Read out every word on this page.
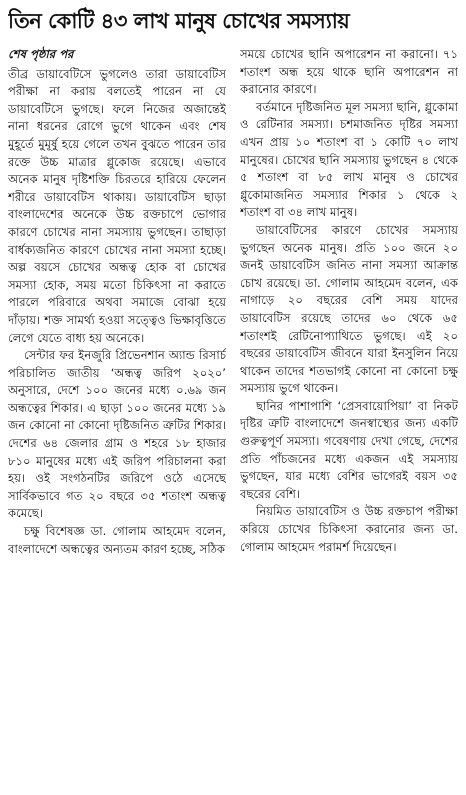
তিন কোটি ৪৩ লাখ মানুষ চোখের সমস্যায়
শেষ পৃষ্ঠার পর

তীব্র ডায়াবেটিসে ভুগলেও তারা ডায়াবেটিস পরীক্ষা না করায় বলতেই পারেন না যে ডায়াবেটিসে ভুগছে। ফলে নিজের অজান্তেই নানা ধরনের রোগে ভুগে থাকেন এবং শেষ মুহূর্তে মুমূর্ষু হয়ে গেলে তখন বুঝতে পারেন তার রক্তে উচ্চ মাত্রার গ্লুকোজ রয়েছে। এভাবে অনেক মানুষ দৃষ্টিশক্তি চিরতরে হারিয়ে ফেলেন শরীরে ডায়াবেটিস থাকায়। ডায়াবেটিস ছাড়া বাংলাদেশের অনেকে উচ্চ রক্তচাপে ভোগার কারণে চোখের নানা সমস্যায় ভুগছেন। তাছাড়া বার্ধক্যজনিত কারণে চোখের নানা সমস্যা হচ্ছে। অল্প বয়সে চোখের অন্ধত্ব হোক বা চোখের সমস্যা হোক, সময় মতো চিকিৎসা না করাতে পারলে পরিবারে অথবা সমাজে বোঝা হয়ে দাঁড়ায়। শক্ত সামর্থ্য হওয়া সত্ত্বেও ভিক্ষাবৃত্তিতে লেগে যেতে বাধ্য হয় অনেকে।

সেন্টার ফর ইনজুরি প্রিভেনশান অ্যান্ড রিসার্চ পরিচালিত জাতীয় ‘অন্ধত্ব জরিপ ২০২০’ অনুসারে, দেশে ১০০ জনের মধ্যে ০.৬৯ জন অন্ধত্বের শিকার। এ ছাড়া ১০০ জনের মধ্যে ১৯ জন কোনো না কোনো দৃষ্টিজনিত ত্রুটির শিকার। দেশের ৬৪ জেলার গ্রাম ও শহরে ১৮ হাজার ৮১০ মানুষের মধ্যে এই জরিপ পরিচালনা করা হয়। ওই সংগঠনটির জরিপে ওঠে এসেছে সার্বিকভাবে গত ২০ বছরে ৩৫ শতাংশ অন্ধত্ব কমেছে।

চক্ষু বিশেষজ্ঞ ডা. গোলাম আহমেদ বলেন, বাংলাদেশে অন্ধত্বের অন্যতম কারণ হচ্ছে, সঠিক

সময়ে চোখের ছানি অপারেশন না করানো। ৭১ শতাংশ অন্ধ হয়ে থাকে ছানি অপারেশন না করানোর কারণে।

বর্তমানে দৃষ্টিজনিত মূল সমস্যা ছানি, গ্লুকোমা ও রেটিনার সমস্যা। চশমাজনিত দৃষ্টির সমস্যা এখন প্রায় ১০ শতাংশ বা ১ কোটি ৭০ লাখ মানুষের। চোখের ছানি সমস্যায় ভুগছেন ৪ থেকে ৫ শতাংশ বা ৮৫ লাখ মানুষ ও চোখের গ্লুকোমাজনিত সমস্যার শিকার ১ থেকে ২ শতাংশ বা ৩৪ লাখ মানুষ।

ডায়াবেটিসের কারণে চোখের সমস্যায় ভুগছেন অনেক মানুষ। প্রতি ১০০ জনে ২০ জনই ডায়াবেটিস জনিত নানা সমস্যা আক্রান্ত চোখ রয়েছে। ডা. গোলাম আহমেদ বলেন, এক নাগাড়ে ২০ বছরের বেশি সময় যাদের ডায়াবেটিস রয়েছে তাদের ৬০ থেকে ৬৫ শতাংশই রেটিনোপ্যাথিতে ভুগছে। এই ২০ বছরের ডায়াবেটিস জীবনে যারা ইনসুলিন নিয়ে থাকেন তাদের শতভাগই কোনো না কোনো চক্ষু সমস্যায় ভুগে থাকেন।

ছানির পাশাপাশি ‘প্রেসবায়োপিয়া’ বা নিকট দৃষ্টির ত্রুটি বাংলাদেশে জনস্বাস্থ্যের জন্য একটি গুরুত্বপূর্ণ সমস্যা। গবেষণায় দেখা গেছে, দেশের প্রতি পাঁচজনের মধ্যে একজন এই সমস্যায় ভুগছেন, যার মধ্যে বেশির ভাগেরই বয়স ৩৫ বছরের বেশি।

নিয়মিত ডায়াবেটিস ও উচ্চ রক্তচাপ পরীক্ষা করিয়ে চোখের চিকিৎসা করানোর জন্য ডা. গোলাম আহমেদ পরামর্শ দিয়েছেন।
